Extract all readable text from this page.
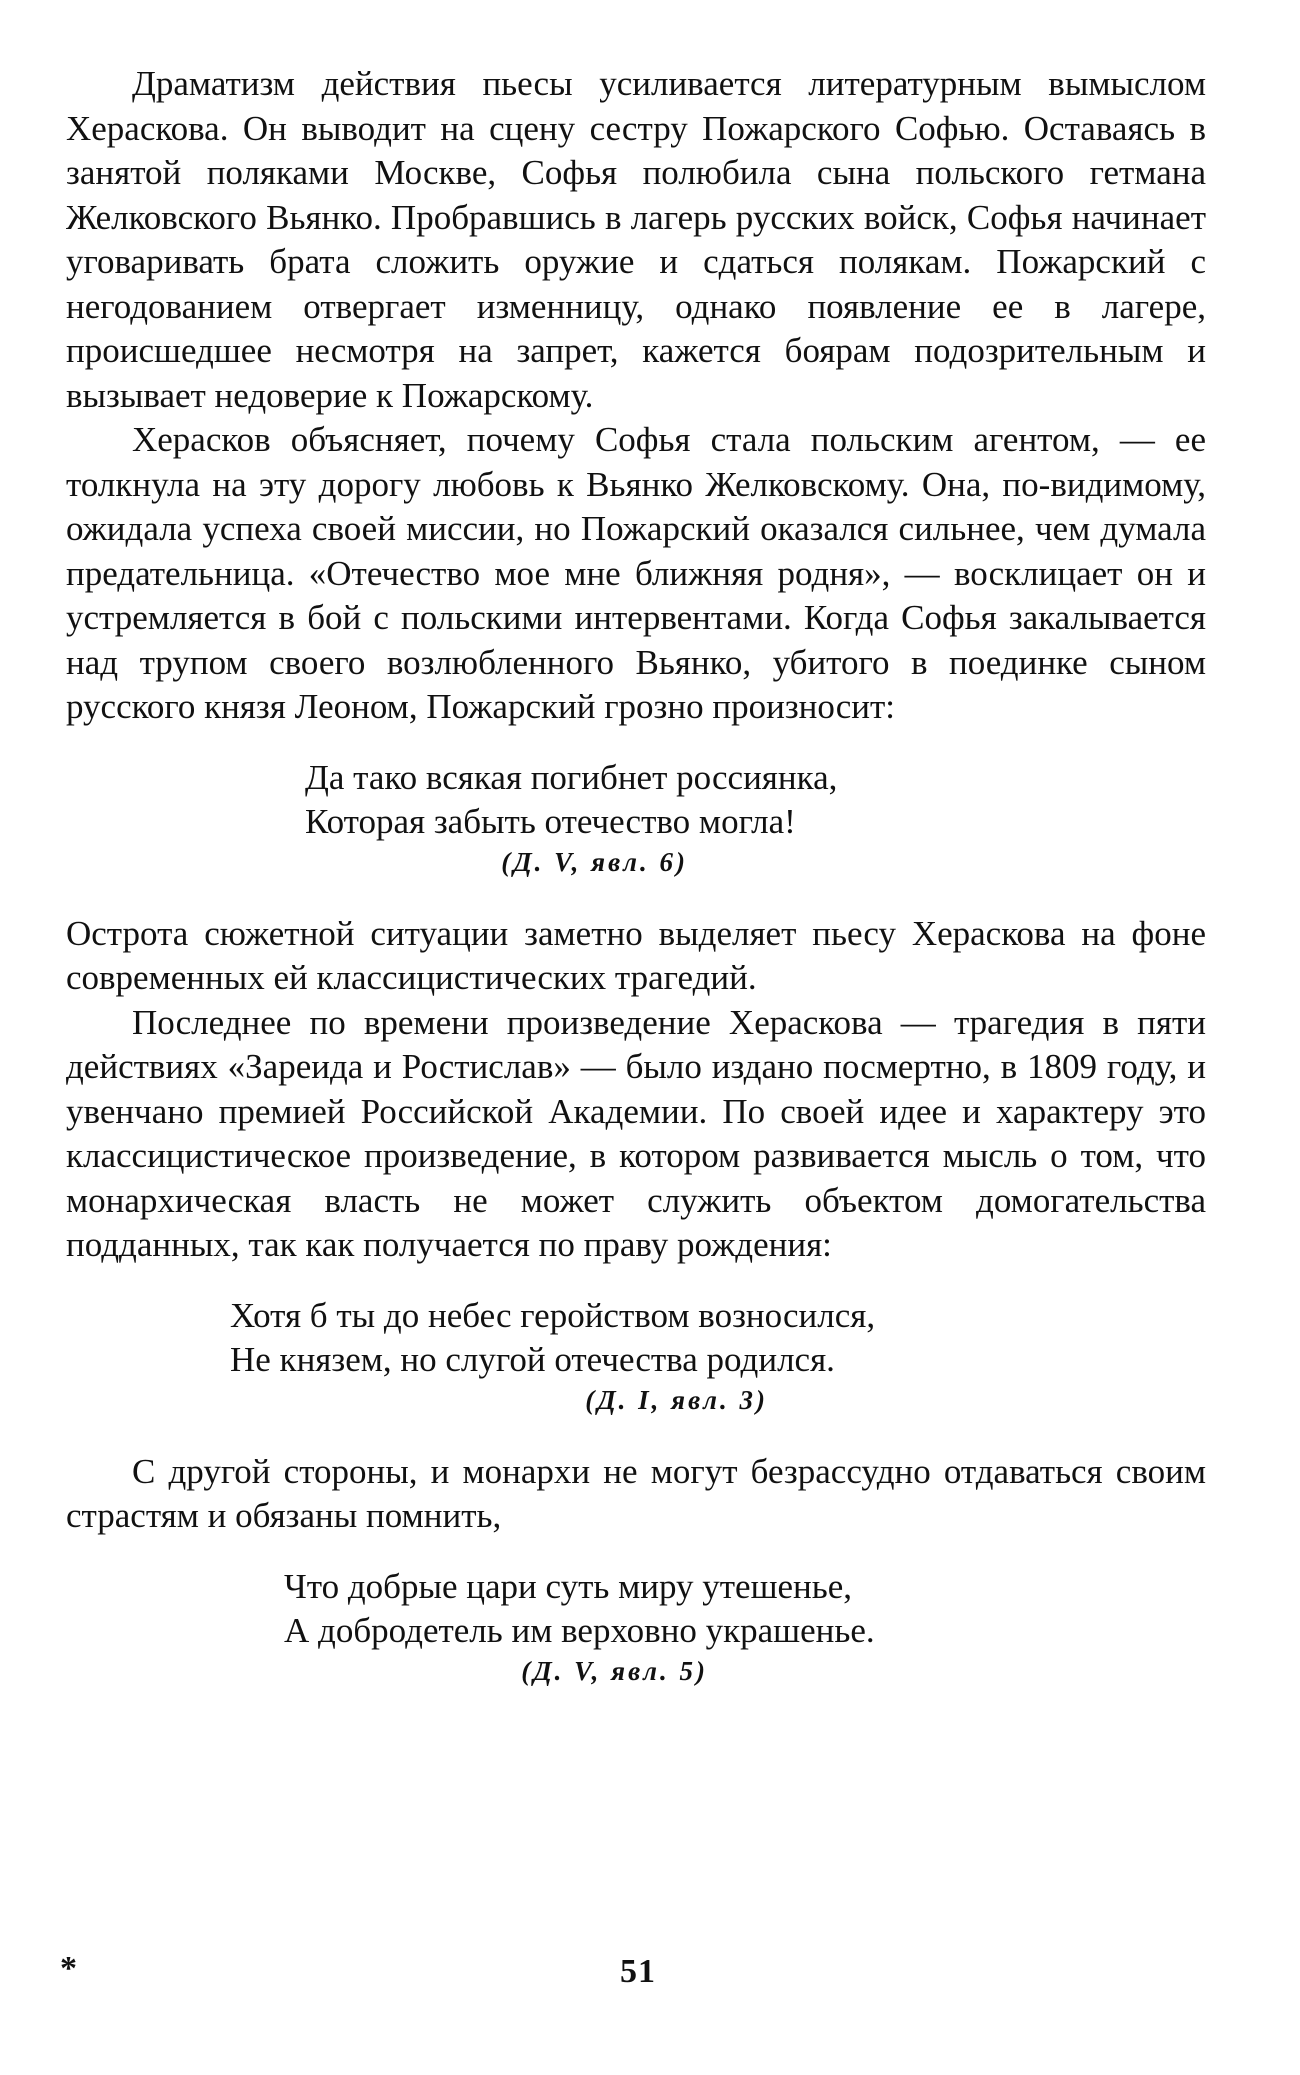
Драматизм действия пьесы усиливается литературным вымыслом Хераскова. Он выводит на сцену сестру Пожарского Софью. Оставаясь в занятой поляками Москве, Софья полюбила сына польского гетмана Желковского Вьянко. Пробравшись в лагерь русских войск, Софья начинает уговаривать брата сложить оружие и сдаться полякам. Пожарский с негодованием отвергает изменницу, однако появление ее в лагере, происшедшее несмотря на запрет, кажется боярам подозрительным и вызывает недоверие к Пожарскому.

Херасков объясняет, почему Софья стала польским агентом, — ее толкнула на эту дорогу любовь к Вьянко Желковскому. Она, по-видимому, ожидала успеха своей миссии, но Пожарский оказался сильнее, чем думала предательница. «Отечество мое мне ближняя родня», — восклицает он и устремляется в бой с польскими интервентами. Когда Софья закалывается над трупом своего возлюбленного Вьянко, убитого в поединке сыном русского князя Леоном, Пожарский грозно произносит:

Да тако всякая погибнет россиянка,
Которая забыть отечество могла!
(Д. V, явл. 6)

Острота сюжетной ситуации заметно выделяет пьесу Хераскова на фоне современных ей классицистических трагедий.

Последнее по времени произведение Хераскова — трагедия в пяти действиях «Зареида и Ростислав» — было издано посмертно, в 1809 году, и увенчано премией Российской Академии. По своей идее и характеру это классицистическое произведение, в котором развивается мысль о том, что монархическая власть не может служить объектом домогательства подданных, так как получается по праву рождения:

Хотя б ты до небес геройством возносился,
Не князем, но слугой отечества родился.
(Д. I, явл. 3)

С другой стороны, и монархи не могут безрассудно отдаваться своим страстям и обязаны помнить,

Что добрые цари суть миру утешенье,
А добродетель им верховно украшенье.
(Д. V, явл. 5)
*	51
